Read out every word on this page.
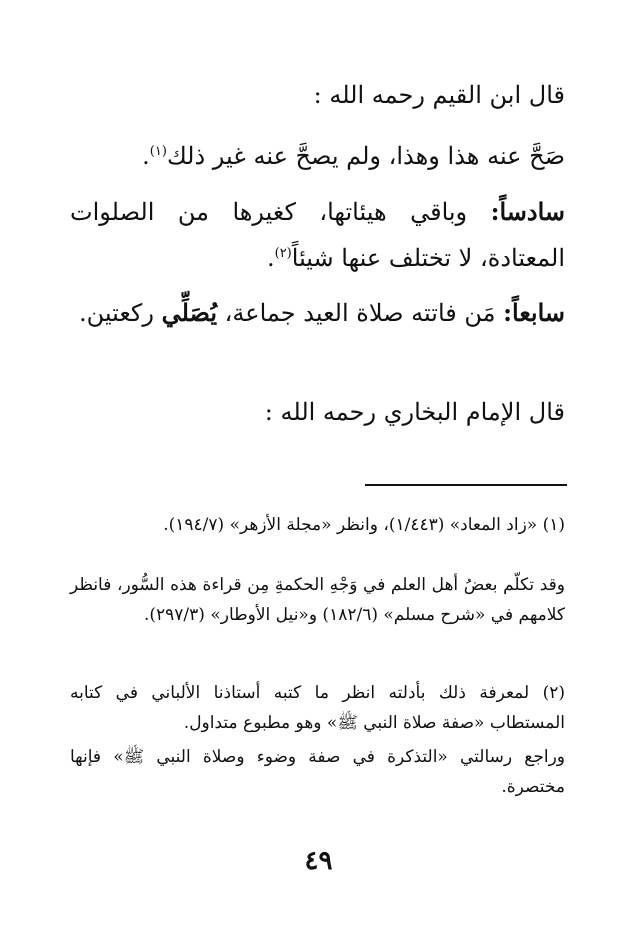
قال ابن القيم رحمه الله :

صَحَّ عنه هذا وهذا، ولم يصحَّ عنه غير ذلك$^{(١)}$.

سادساً: وباقي هيئاتها، كغيرها من الصلوات المعتادة، لا تختلف عنها شيئاً$^{(٢)}$.

سابعاً: مَن فاتته صلاة العيد جماعة، يُصَلِّي ركعتين.

قال الإمام البخاري رحمه الله :

(١) «زاد المعاد» (١/٤٤٣)، وانظر «مجلة الأزهر» (١٩٤/٧).

وقد تكلّم بعضُ أهل العلم في وَجْهِ الحكمةِ مِن قراءة هذه السُّور، فانظر كلامهم في «شرح مسلم» (١٨٢/٦) و«نيل الأوطار» (٢٩٧/٣).

(٢) لمعرفة ذلك بأدلته انظر ما كتبه أستاذنا الألباني في كتابه المستطاب «صفة صلاة النبي ﷺ» وهو مطبوع متداول.

وراجع رسالتي «التذكرة في صفة وضوء وصلاة النبي ﷺ» فإنها مختصرة.

٤٩
